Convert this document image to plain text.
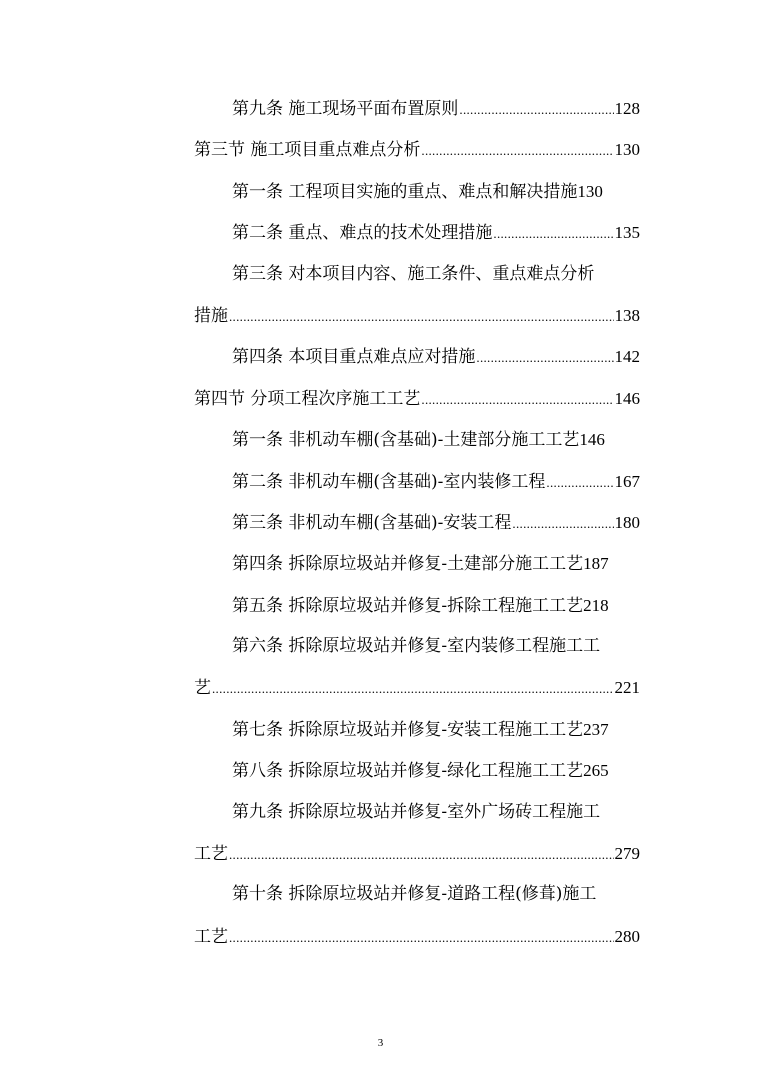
第九条 施工现场平面布置原则 .....	128
第三节 施工项目重点难点分析 .....	130
第一条 工程项目实施的重点、难点和解决措施 130
第二条 重点、难点的技术处理措施 .....	135
第三条 对本项目内容、施工条件、重点难点分析
措施 .....	138
第四条 本项目重点难点应对措施 .....	142
第四节 分项工程次序施工工艺 .....	146
第一条 非机动车棚(含基础)-土建部分施工工艺 146
第二条 非机动车棚(含基础)-室内装修工程 .....	167
第三条 非机动车棚(含基础)-安装工程 .....	180
第四条 拆除原垃圾站并修复-土建部分施工工艺 187
第五条 拆除原垃圾站并修复-拆除工程施工工艺 218
第六条 拆除原垃圾站并修复-室内装修工程施工工
艺 .....	221
第七条 拆除原垃圾站并修复-安装工程施工工艺 237
第八条 拆除原垃圾站并修复-绿化工程施工工艺 265
第九条 拆除原垃圾站并修复-室外广场砖工程施工
工艺 .....	279
第十条 拆除原垃圾站并修复-道路工程(修葺)施工
工艺 .....	280
3
